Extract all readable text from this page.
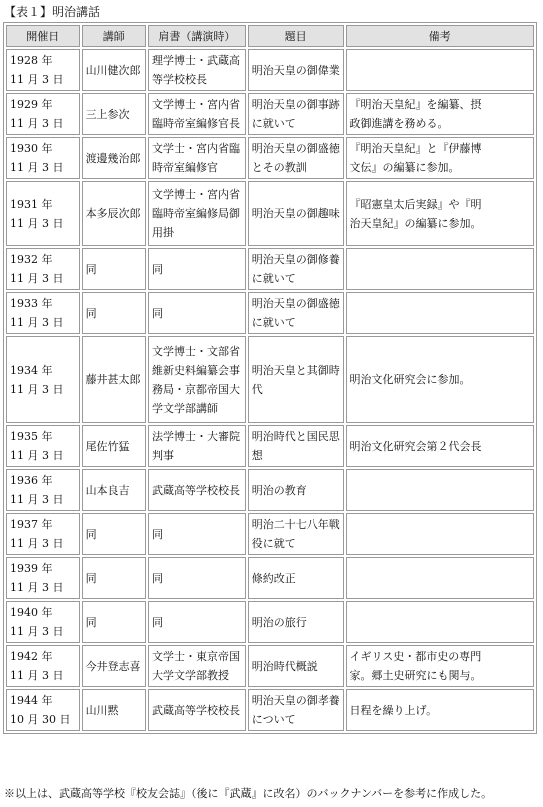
【表１】明治講話
開催日	講師	肩書（講演時）	題目	備考

1928 年
11 月 3 日	山川健次郎	理学博士・武蔵高
等学校校長	明治天皇の御偉業	

1929 年
11 月 3 日	三上参次	文学博士・宮内省
臨時帝室編修官長	明治天皇の御事跡
に就いて	『明治天皇紀』を編纂、摂
政御進講を務める。

1930 年
11 月 3 日	渡邊幾治郎	文学士・宮内省臨
時帝室編修官	明治天皇の御盛徳
とその教訓	『明治天皇紀』と『伊藤博
文伝』の編纂に参加。

1931 年
11 月 3 日	本多辰次郎	文学博士・宮内省
臨時帝室編修局御
用掛	明治天皇の御趣味	『昭憲皇太后実録』や『明
治天皇紀』の編纂に参加。

1932 年
11 月 3 日	同	同	明治天皇の御修養
に就いて	

1933 年
11 月 3 日	同	同	明治天皇の御盛徳
に就いて	

1934 年
11 月 3 日	藤井甚太郎	文学博士・文部省
維新史料編纂会事
務局・京都帝国大
学文学部講師	明治天皇と其御時
代	明治文化研究会に参加。

1935 年
11 月 3 日	尾佐竹猛	法学博士・大審院
判事	明治時代と国民思
想	明治文化研究会第２代会長

1936 年
11 月 3 日	山本良吉	武蔵高等学校校長	明治の教育	

1937 年
11 月 3 日	同	同	明治二十七八年戦
役に就て	

1939 年
11 月 3 日	同	同	條約改正	

1940 年
11 月 3 日	同	同	明治の旅行	

1942 年
11 月 3 日	今井登志喜	文学士・東京帝国
大学文学部教授	明治時代概説	イギリス史・都市史の専門
家。郷土史研究にも関与。

1944 年
10 月 30 日	山川黙	武蔵高等学校校長	明治天皇の御孝養
について	日程を繰り上げ。
※以上は、武蔵高等学校『校友会誌』（後に『武蔵』に改名）のバックナンバーを参考に作成した。
